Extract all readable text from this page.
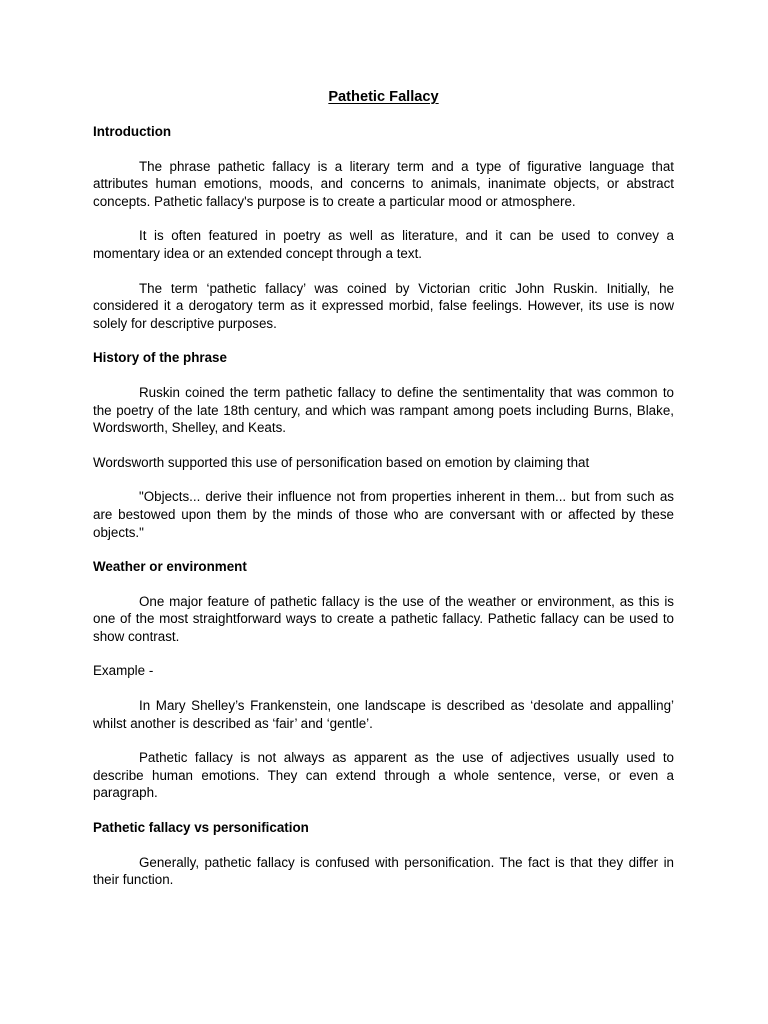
Pathetic Fallacy
Introduction

The phrase pathetic fallacy is a literary term and a type of figurative language that attributes human emotions, moods, and concerns to animals, inanimate objects, or abstract concepts. Pathetic fallacy's purpose is to create a particular mood or atmosphere.

It is often featured in poetry as well as literature, and it can be used to convey a momentary idea or an extended concept through a text.

The term ‘pathetic fallacy’ was coined by Victorian critic John Ruskin. Initially, he considered it a derogatory term as it expressed morbid, false feelings. However, its use is now solely for descriptive purposes.

History of the phrase

Ruskin coined the term pathetic fallacy to define the sentimentality that was common to the poetry of the late 18th century, and which was rampant among poets including Burns, Blake, Wordsworth, Shelley, and Keats.

Wordsworth supported this use of personification based on emotion by claiming that

"Objects... derive their influence not from properties inherent in them... but from such as are bestowed upon them by the minds of those who are conversant with or affected by these objects."

Weather or environment

One major feature of pathetic fallacy is the use of the weather or environment, as this is one of the most straightforward ways to create a pathetic fallacy. Pathetic fallacy can be used to show contrast.

Example -

In Mary Shelley’s Frankenstein, one landscape is described as ‘desolate and appalling’ whilst another is described as ‘fair’ and ‘gentle’.

Pathetic fallacy is not always as apparent as the use of adjectives usually used to describe human emotions. They can extend through a whole sentence, verse, or even a paragraph.

Pathetic fallacy vs personification

Generally, pathetic fallacy is confused with personification. The fact is that they differ in their function.
